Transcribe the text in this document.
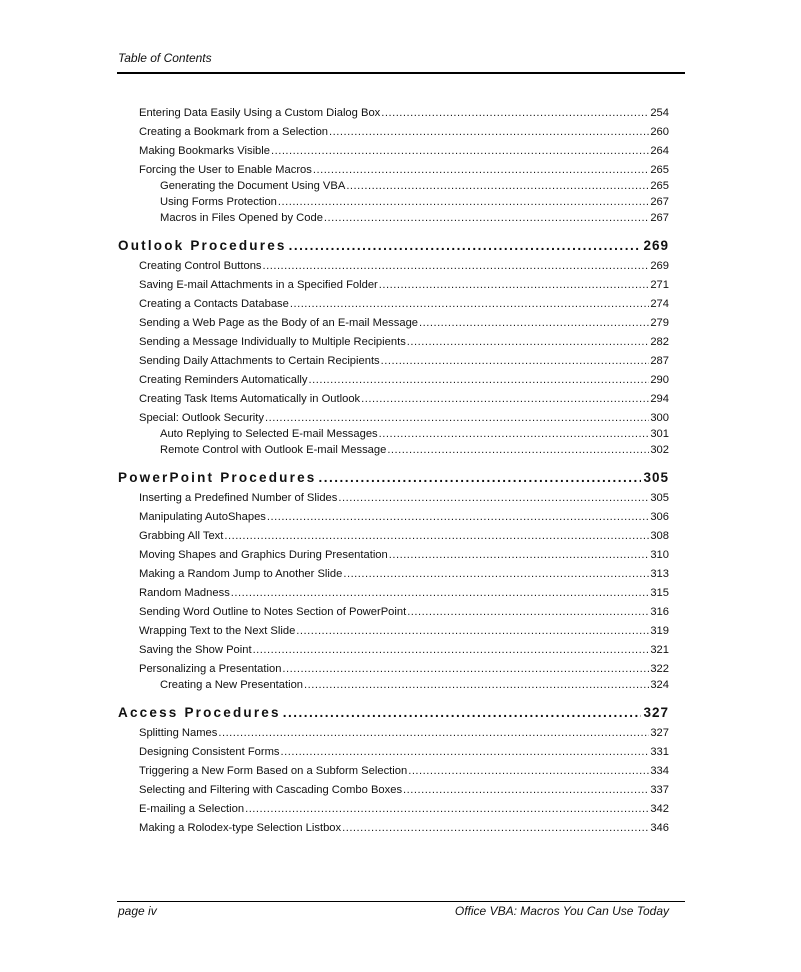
Table of Contents
Entering Data Easily Using a Custom Dialog Box .....	254
Creating a Bookmark from a Selection .....	260
Making Bookmarks Visible .....	264
Forcing the User to Enable Macros .....	265
Generating the Document Using VBA .....	265
Using Forms Protection .....	267
Macros in Files Opened by Code .....	267
Outlook Procedures .....	269
Creating Control Buttons .....	269
Saving E-mail Attachments in a Specified Folder .....	271
Creating a Contacts Database .....	274
Sending a Web Page as the Body of an E-mail Message .....	279
Sending a Message Individually to Multiple Recipients .....	282
Sending Daily Attachments to Certain Recipients .....	287
Creating Reminders Automatically .....	290
Creating Task Items Automatically in Outlook .....	294
Special: Outlook Security .....	300
Auto Replying to Selected E-mail Messages .....	301
Remote Control with Outlook E-mail Message .....	302
PowerPoint Procedures .....	305
Inserting a Predefined Number of Slides .....	305
Manipulating AutoShapes .....	306
Grabbing All Text .....	308
Moving Shapes and Graphics During Presentation .....	310
Making a Random Jump to Another Slide .....	313
Random Madness .....	315
Sending Word Outline to Notes Section of PowerPoint .....	316
Wrapping Text to the Next Slide .....	319
Saving the Show Point .....	321
Personalizing a Presentation .....	322
Creating a New Presentation .....	324
Access Procedures .....	327
Splitting Names .....	327
Designing Consistent Forms .....	331
Triggering a New Form Based on a Subform Selection .....	334
Selecting and Filtering with Cascading Combo Boxes .....	337
E-mailing a Selection .....	342
Making a Rolodex-type Selection Listbox .....	346
page iv	Office VBA: Macros You Can Use Today
